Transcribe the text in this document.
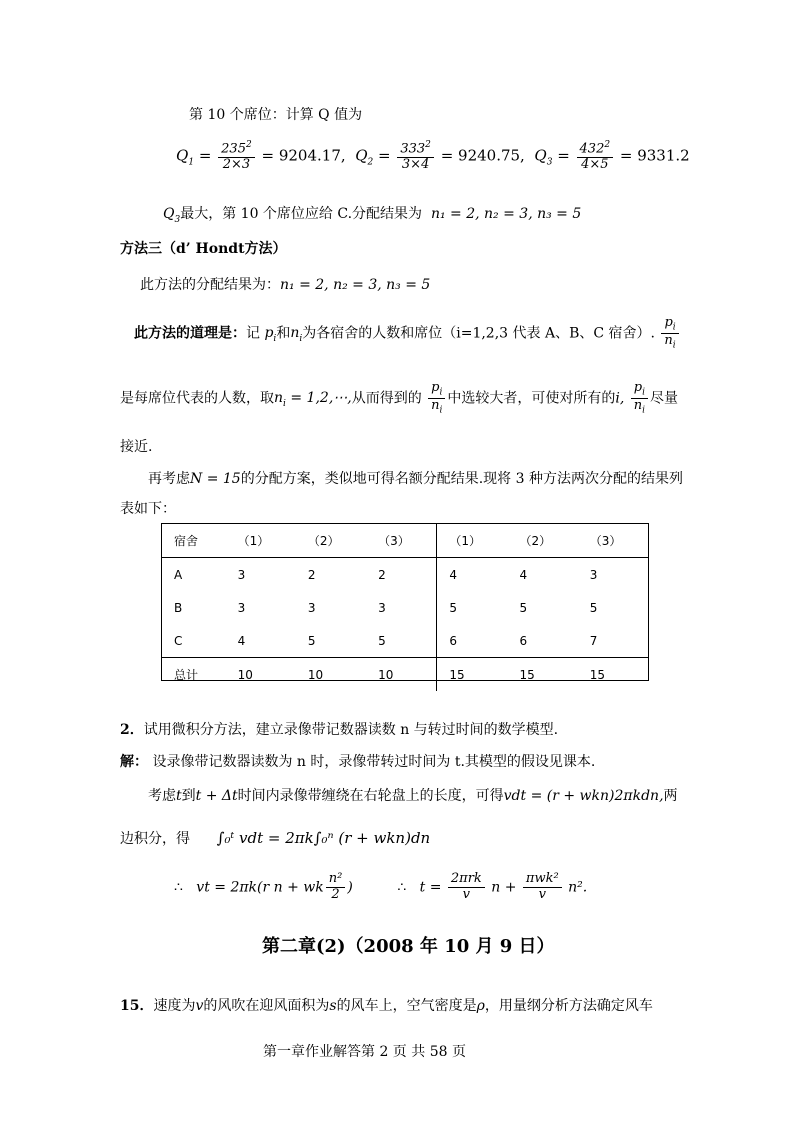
第 10 个席位：计算 Q 值为
$Q_1 = \frac{235^2}{2\times 3} = 9204.17$, $Q_2 = \frac{333^2}{3\times 4} = 9240.75$, $Q_3 = \frac{432^2}{4\times 5} = 9331.2$
$Q_3$最大，第 10 个席位应给 C.分配结果为 n₁ = 2, n₂ = 3, n₃ = 5
方法三（d’ Hondt方法）
此方法的分配结果为：n₁ = 2, n₂ = 3, n₃ = 5
此方法的道理是：记 $p_i$和$n_i$为各宿舍的人数和席位（i=1,2,3 代表 A、B、C 宿舍）. $\frac{p_i}{n_i}$
是每席位代表的人数，取$n_i$ = 1,2,⋯,从而得到的 $\frac{p_i}{n_i}$ 中选较大者，可使对所有的i, $\frac{p_i}{n_i}$ 尽量
接近.
再考虑N = 15的分配方案，类似地可得名额分配结果.现将 3 种方法两次分配的结果列
表如下：
宿舍	（1）	（2）	（3）	（1）	（2）	（3）
A	3	2	2	4	4	3
B	3	3	3	5	5	5
C	4	5	5	6	6	7
总计	10	10	10	15	15	15
2．试用微积分方法，建立录像带记数器读数 n 与转过时间的数学模型.
解： 设录像带记数器读数为 n 时，录像带转过时间为 t.其模型的假设见课本.
考虑t到t + Δt时间内录像带缠绕在右轮盘上的长度，可得vdt = (r + wkn)2πkdn,两
边积分，得 ∫₀ᵗ vdt = 2πk∫₀ⁿ (r + wkn)dn
∴ vt = 2πk(r n + wk $\frac{\text{n²}}{2}$ )	∴ $t = \frac{\text{2πrk}}{v}$ $n + \frac{\text{πwk²}}{v} n^2$.
第二章(2)（2008 年 10 月 9 日）
15．速度为v的风吹在迎风面积为s的风车上，空气密度是ρ，用量纲分析方法确定风车
第一章作业解答第 2 页 共 58 页
